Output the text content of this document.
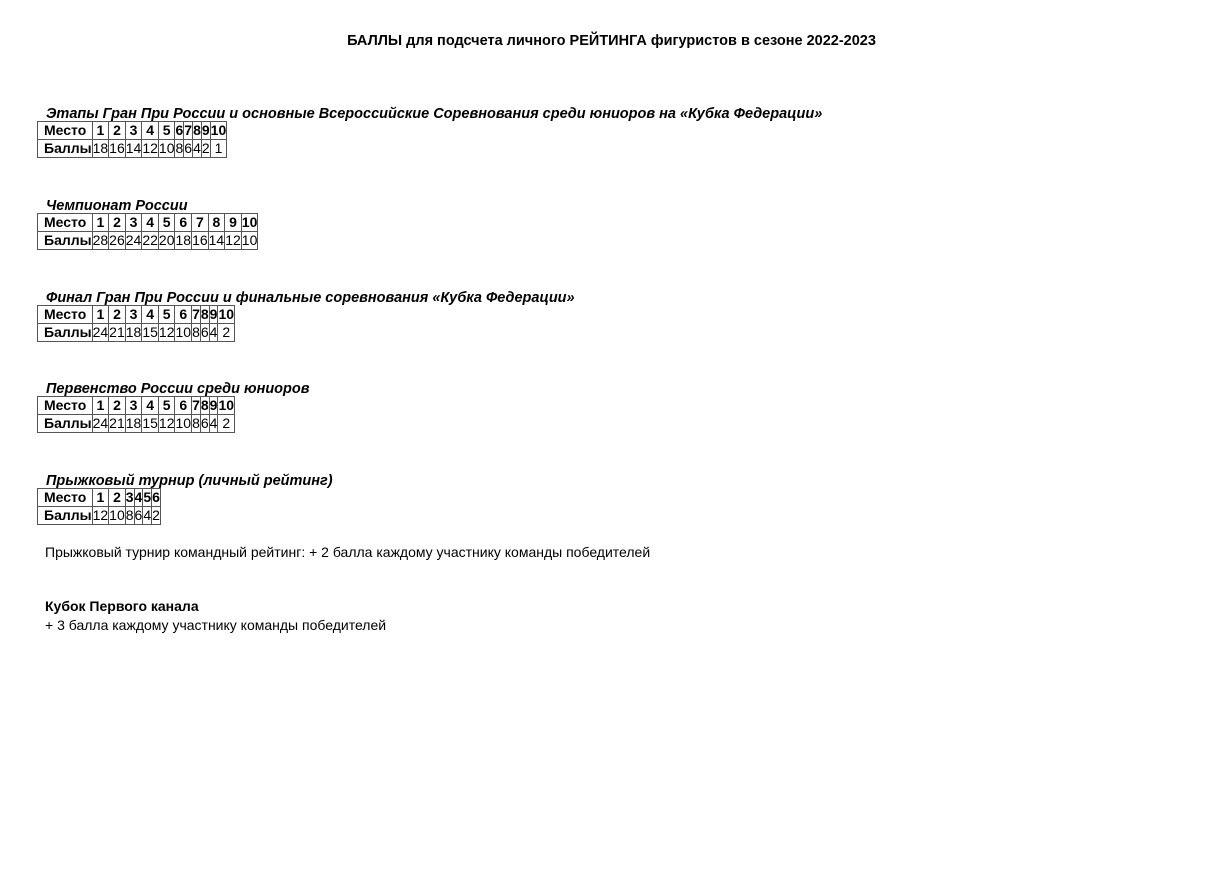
БАЛЛЫ для подсчета личного РЕЙТИНГА фигуристов в сезоне 2022-2023
Этапы Гран При России и основные Всероссийские Соревнования среди юниоров на «Кубка Федерации»
Место	1	2	3	4	5	6	7	8	9	10
Баллы	18	16	14	12	10	8	6	4	2	1
Чемпионат России
Место	1	2	3	4	5	6	7	8	9	10
Баллы	28	26	24	22	20	18	16	14	12	10
Финал Гран При России и финальные соревнования «Кубка Федерации»
Место	1	2	3	4	5	6	7	8	9	10
Баллы	24	21	18	15	12	10	8	6	4	2
Первенство России среди юниоров
Место	1	2	3	4	5	6	7	8	9	10
Баллы	24	21	18	15	12	10	8	6	4	2
Прыжковый турнир (личный рейтинг)
Место	1	2	3	4	5	6
Баллы	12	10	8	6	4	2
Прыжковый турнир командный рейтинг: + 2 балла каждому участнику команды победителей
Кубок Первого канала
+ 3 балла каждому участнику команды победителей
